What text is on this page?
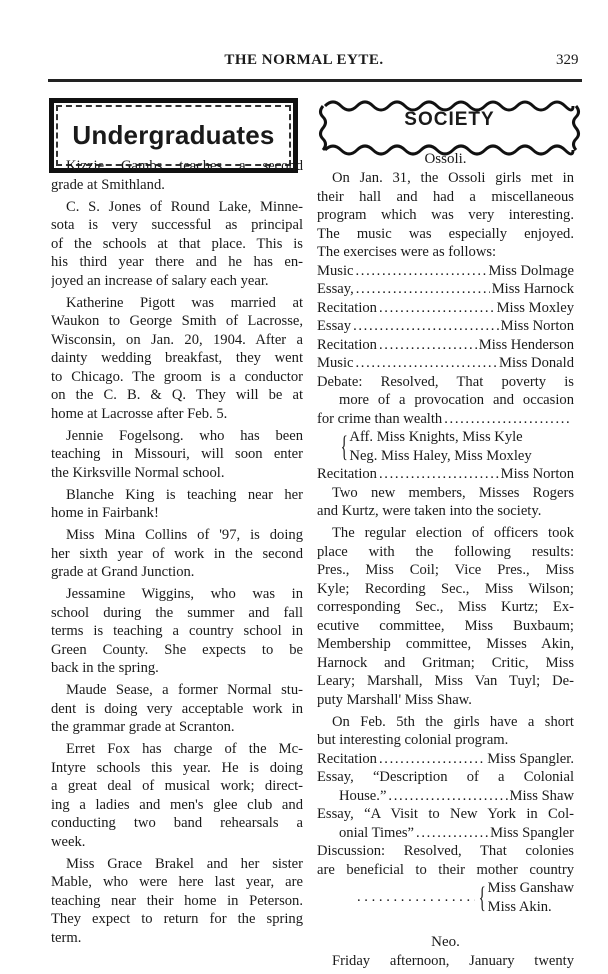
THE NORMAL EYTE.	329
Undergraduates
SOCIETY
Kizzie Gambs teaches a second
grade at Smithland.
C. S. Jones of Round Lake, Minne-
sota is very successful as principal
of the schools at that place. This is
his third year there and he has en-
joyed an increase of salary each year.
Katherine Pigott was married at
Waukon to George Smith of Lacrosse,
Wisconsin, on Jan. 20, 1904. After a
dainty wedding breakfast, they went
to Chicago. The groom is a conductor
on the C. B. & Q. They will be at
home at Lacrosse after Feb. 5.
Jennie Fogelsong. who has been
teaching in Missouri, will soon enter
the Kirksville Normal school.
Blanche King is teaching near her
home in Fairbank!
Miss Mina Collins of '97, is doing
her sixth year of work in the second
grade at Grand Junction.
Jessamine Wiggins, who was in
school during the summer and fall
terms is teaching a country school in
Green County. She expects to be
back in the spring.
Maude Sease, a former Normal stu-
dent is doing very acceptable work in
the grammar grade at Scranton.
Erret Fox has charge of the Mc-
Intyre schools this year. He is doing
a great deal of musical work; direct-
ing a ladies and men's glee club and
conducting two band rehearsals a
week.
Miss Grace Brakel and her sister
Mable, who were here last year, are
teaching near their home in Peterson.
They expect to return for the spring
term.
Ossoli.
On Jan. 31, the Ossoli girls met in
their hall and had a miscellaneous
program which was very interesting.
The music was especially enjoyed.
The exercises were as follows:
Music . . .	Miss Dolmage
Essay, . . .	Miss Harnock
Recitation . . .	Miss Moxley
Essay . . .	Miss Norton
Recitation . . .	Miss Henderson
Music . . .	Miss Donald
Debate: Resolved, That poverty is
more of a provocation and occasion
for crime than wealth
. . .
{ Aff. Miss Knights, Miss Kyle
Neg. Miss Haley, Miss Moxley
Recitation . . .	Miss Norton
Two new members, Misses Rogers
and Kurtz, were taken into the society.
The regular election of officers took
place with the following results:
Pres., Miss Coil; Vice Pres., Miss
Kyle; Recording Sec., Miss Wilson;
corresponding Sec., Miss Kurtz; Ex-
ecutive committee, Miss Buxbaum;
Membership committee, Misses Akin,
Harnock and Gritman; Critic, Miss
Leary; Marshall, Miss Van Tuyl; De-
puty Marshall' Miss Shaw.
On Feb. 5th the girls have a short
but interesting colonial program.
Recitation . . .	Miss Spangler.
Essay, “Description of a Colonial
House.” . . .	Miss Shaw
Essay, “A Visit to New York in Col-
onial Times” . . .	Miss Spangler
Discussion: Resolved, That colonies
are beneficial to their mother country
. . .
{ Miss Ganshaw
Miss Akin.
Neo.
Friday afternoon, January twenty
